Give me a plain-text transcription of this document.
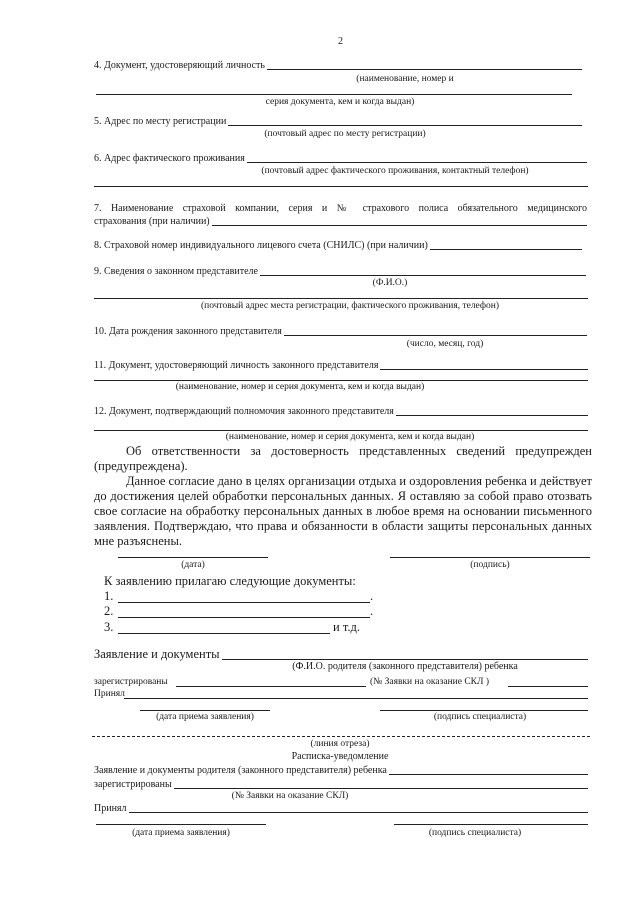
2
4. Документ, удостоверяющий личность
(наименование, номер и
серия документа, кем и когда выдан)
5. Адрес по месту регистрации
(почтовый адрес по месту регистрации)
6. Адрес фактического проживания
(почтовый адрес фактического проживания, контактный телефон)
7. Наименование страховой компании, серия и № страхового полиса обязательного медицинского
страхования (при наличии)
8. Страховой номер индивидуального лицевого счета (СНИЛС) (при наличии)
9. Сведения о законном представителе
(Ф.И.О.)
(почтовый адрес места регистрации, фактического проживания, телефон)
10. Дата рождения законного представителя
(число, месяц, год)
11. Документ, удостоверяющий личность законного представителя
(наименование, номер и серия документа, кем и когда выдан)
12. Документ, подтверждающий полномочия законного представителя
(наименование, номер и серия документа, кем и когда выдан)
Об ответственности за достоверность представленных сведений предупрежден (предупреждена).
Данное согласие дано в целях организации отдыха и оздоровления ребенка и действует до достижения целей обработки персональных данных. Я оставляю за собой право отозвать свое согласие на обработку персональных данных в любое время на основании письменного заявления. Подтверждаю, что права и обязанности в области защиты персональных данных мне разъяснены.
(дата)	(подпись)
К заявлению прилагаю следующие документы:
1.	.
2.	.
3.	и т.д.
Заявление и документы
(Ф.И.О. родителя (законного представителя) ребенка
зарегистрированы	(№ Заявки на оказание СКЛ )
Принял
(дата приема заявления)	(подпись специалиста)
(линия отреза)
Расписка-уведомление
Заявление и документы родителя (законного представителя) ребенка
зарегистрированы
(№ Заявки на оказание СКЛ)
Принял
(дата приема заявления)	(подпись специалиста)
